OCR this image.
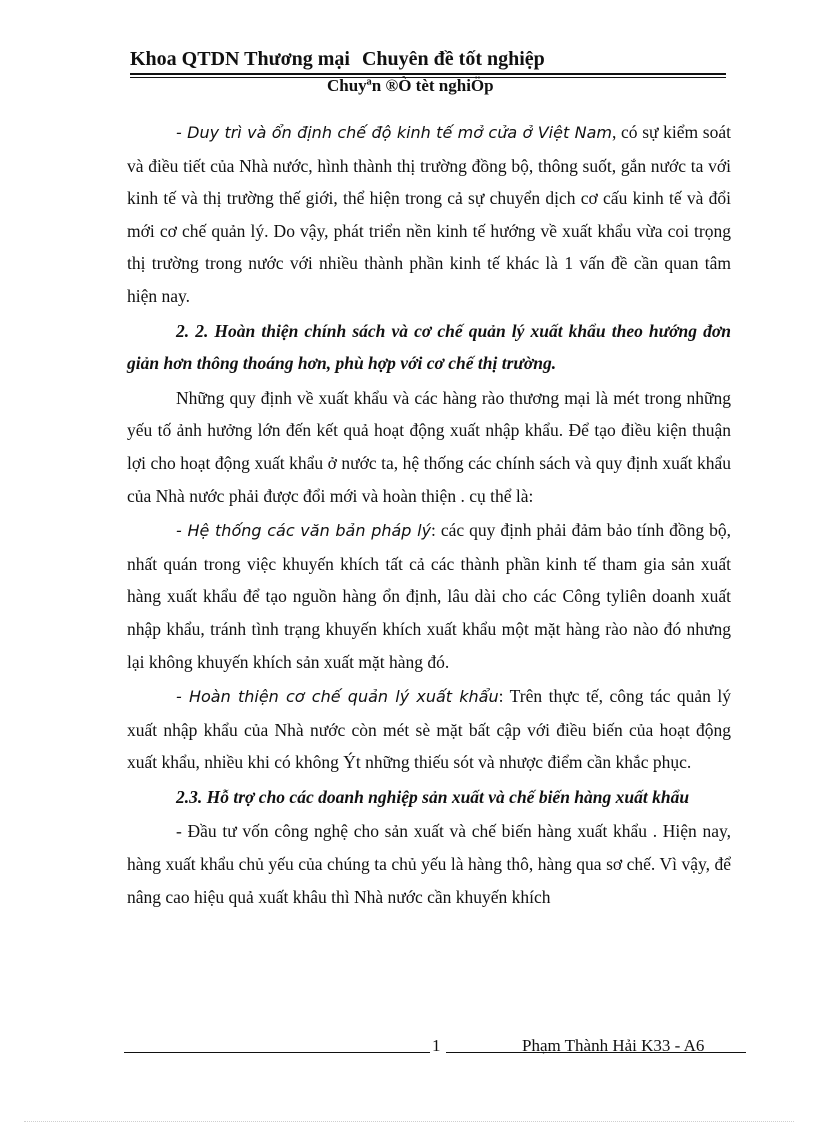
Khoa QTDN Thương mại Chuyên đề tốt nghiệp
Chuyªn ®Ò tèt nghiÖp

- Duy trì và ổn định chế độ kinh tế mở cửa ở Việt Nam, có sự kiểm soát và điều tiết của Nhà nước, hình thành thị trường đồng bộ, thông suốt, gắn nước ta với kinh tế và thị trường thế giới, thể hiện trong cả sự chuyển dịch cơ cấu kinh tế và đổi mới cơ chế quản lý. Do vậy, phát triển nền kinh tế hướng về xuất khẩu vừa coi trọng thị trường trong nước với nhiều thành phần kinh tế khác là 1 vấn đề cần quan tâm hiện nay.

2. 2. Hoàn thiện chính sách và cơ chế quản lý xuất khẩu theo hướng đơn giản hơn thông thoáng hơn, phù hợp với cơ chế thị trường.

Những quy định về xuất khẩu và các hàng rào thương mại là mét trong những yếu tố ảnh hưởng lớn đến kết quả hoạt động xuất nhập khẩu. Để tạo điều kiện thuận lợi cho hoạt động xuất khẩu ở nước ta, hệ thống các chính sách và quy định xuất khẩu của Nhà nước phải được đổi mới và hoàn thiện . cụ thể là:

- Hệ thống các văn bản pháp lý: các quy định phải đảm bảo tính đồng bộ, nhất quán trong việc khuyến khích tất cả các thành phần kinh tế tham gia sản xuất hàng xuất khẩu để tạo nguồn hàng ổn định, lâu dài cho các Công tyliên doanh xuất nhập khẩu, tránh tình trạng khuyến khích xuất khẩu một mặt hàng rào nào đó nhưng lại không khuyến khích sản xuất mặt hàng đó.

- Hoàn thiện cơ chế quản lý xuất khẩu: Trên thực tế, công tác quản lý xuất nhập khẩu của Nhà nước còn mét sè mặt bất cập với điều biến của hoạt động xuất khẩu, nhiều khi có không Ýt những thiếu sót và nhược điểm cần khắc phục.

2.3. Hỗ trợ cho các doanh nghiệp sản xuất và chế biến hàng xuất khẩu

- Đầu tư vốn công nghệ cho sản xuất và chế biến hàng xuất khẩu . Hiện nay, hàng xuất khẩu chủ yếu của chúng ta chủ yếu là hàng thô, hàng qua sơ chế. Vì vậy, để nâng cao hiệu quả xuất khâu thì Nhà nước cần khuyến khích

1	Phạm Thành Hải K33 - A6
